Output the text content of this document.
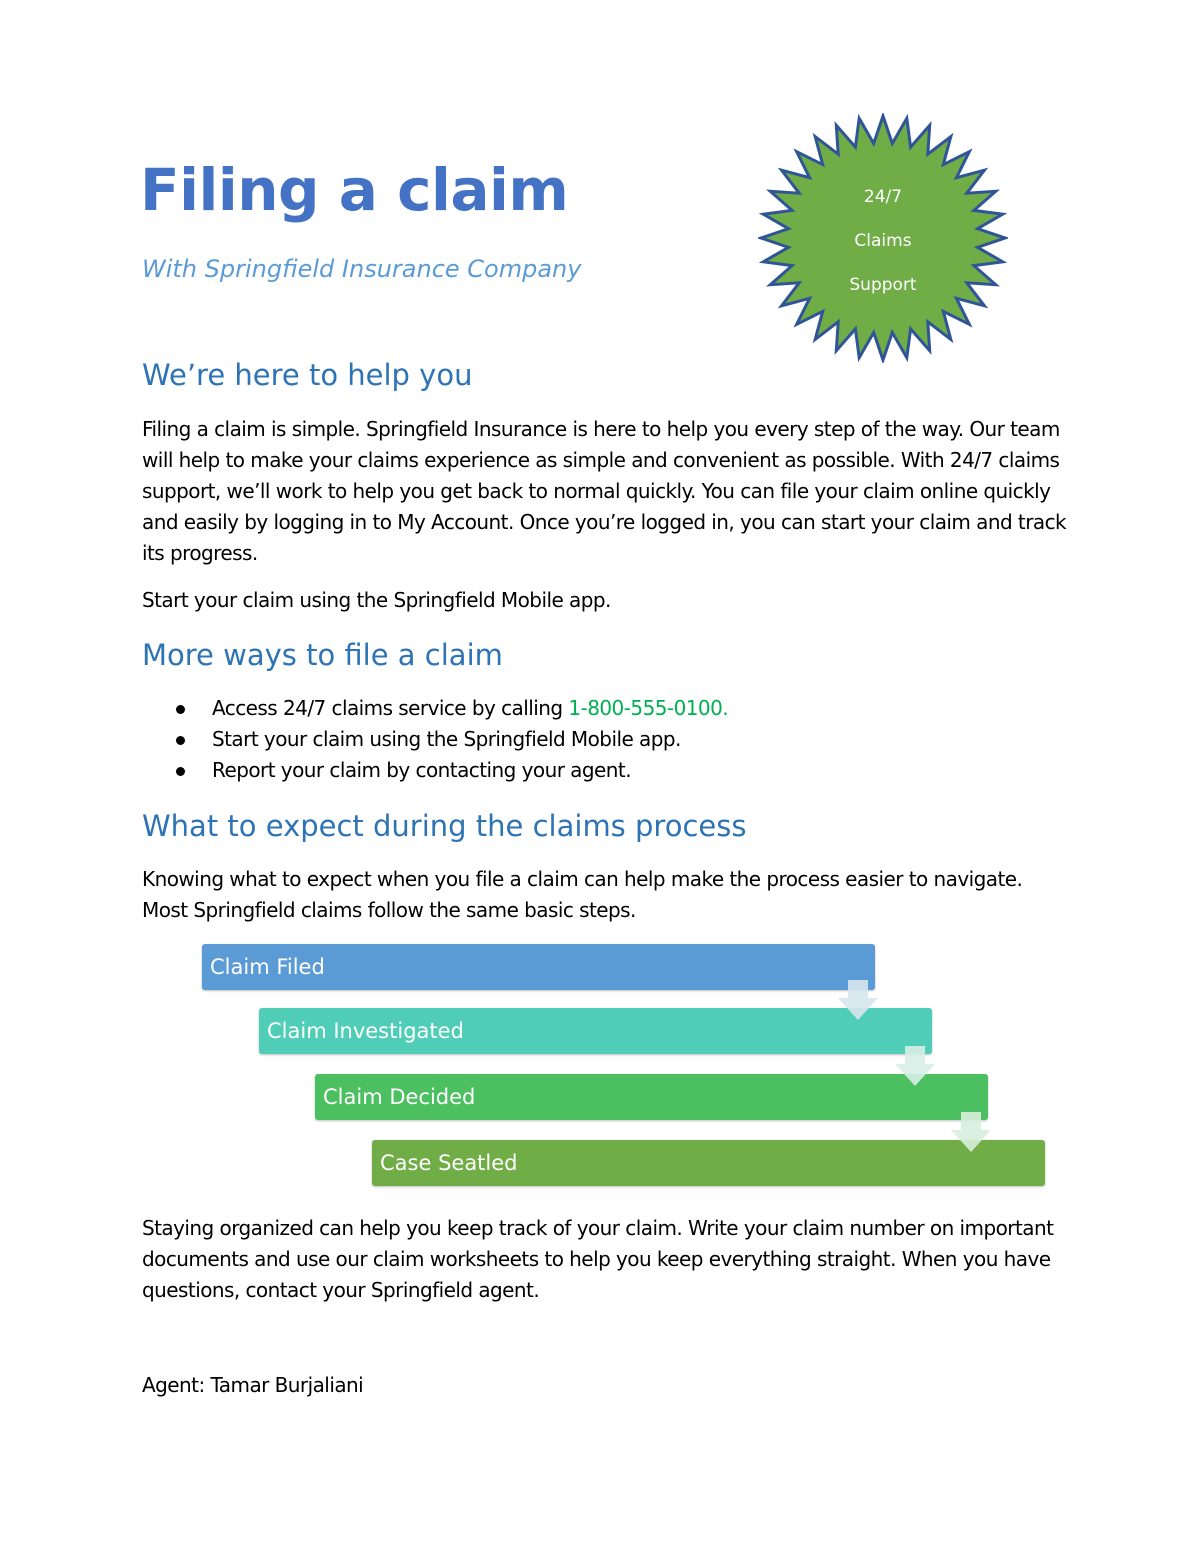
Filing a claim

With Springfield Insurance Company

24/7
Claims
Support
We’re here to help you

Filing a claim is simple. Springfield Insurance is here to help you every step of the way. Our team will help to make your claims experience as simple and convenient as possible. With 24/7 claims support, we’ll work to help you get back to normal quickly. You can file your claim online quickly and easily by logging in to My Account. Once you’re logged in, you can start your claim and track its progress.

Start your claim using the Springfield Mobile app.

More ways to file a claim
Access 24/7 claims service by calling 1-800-555-0100.
Start your claim using the Springfield Mobile app.
Report your claim by contacting your agent.
What to expect during the claims process

Knowing what to expect when you file a claim can help make the process easier to navigate. Most Springfield claims follow the same basic steps.

Claim Filed
Claim Investigated
Claim Decided
Case Seatled

Staying organized can help you keep track of your claim. Write your claim number on important documents and use our claim worksheets to help you keep everything straight. When you have questions, contact your Springfield agent.

Agent: Tamar Burjaliani
